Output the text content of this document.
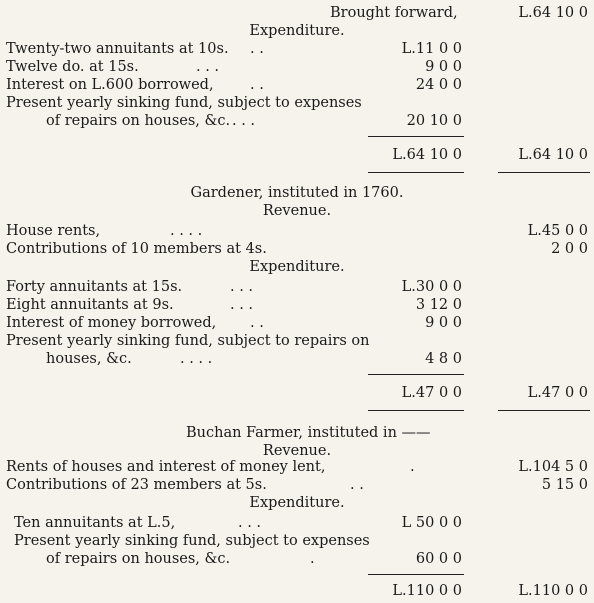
Brought forward,	L.64 10 0
Expenditure.
Twenty-two annuitants at 10s. . .	L.11 0 0
Twelve do. at 15s.	. . .	9 0 0
Interest on L.600 borrowed,	. .	24 0 0
Present yearly sinking fund, subject to expenses
of repairs on houses, &c. . . .	20 10 0
L.64 10 0	L.64 10 0
Gardener, instituted in 1760.
Revenue.
House rents,	. . . .	L.45 0 0
Contributions of 10 members at 4s.	2 0 0
Expenditure.
Forty annuitants at 15s.	. . .	L.30 0 0
Eight annuitants at 9s.	. . .	3 12 0
Interest of money borrowed, . .	9 0 0
Present yearly sinking fund, subject to repairs on
houses, &c.	. . . .	4 8 0
L.47 0 0	L.47 0 0
Buchan Farmer, instituted in ——
Revenue.
Rents of houses and interest of money lent,	.	L.104 5 0
Contributions of 23 members at 5s.	. .	5 15 0
Expenditure.
Ten annuitants at L.5,	. . .	L 50 0 0
Present yearly sinking fund, subject to expenses
of repairs on houses, &c.	.	60 0 0
L.110 0 0	L.110 0 0
